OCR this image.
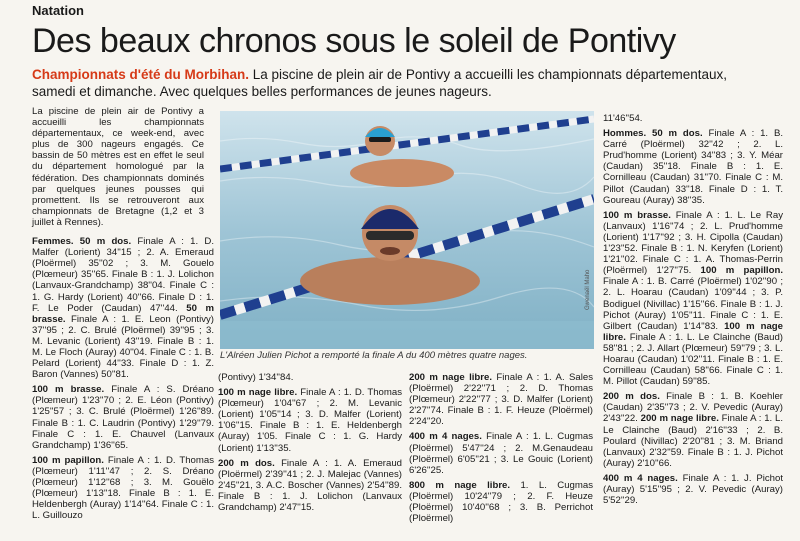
Natation
Des beaux chronos sous le soleil de Pontivy
Championnats d'été du Morbihan. La piscine de plein air de Pontivy a accueilli les championnats départementaux, samedi et dimanche. Avec quelques belles performances de jeunes nageurs.

La piscine de plein air de Pontivy a accueilli les championnats départementaux, ce week-end, avec plus de 300 nageurs engagés. Ce bassin de 50 mètres est en effet le seul du département homologué par la fédération. Des championnats dominés par quelques jeunes pousses qui promettent. Ils se retrouveront aux championnats de Bretagne (1,2 et 3 juillet à Rennes).

Femmes. 50 m dos. Finale A : 1. D. Malfer (Lorient) 34''15 ; 2. A. Emeraud (Ploërmel) 35''02 ; 3. M. Gouelo (Plœmeur) 35''65. Finale B : 1. J. Lolichon (Lanvaux-Grandchamp) 38''04. Finale C : 1. G. Hardy (Lorient) 40''66. Finale D : 1. F. Le Poder (Caudan) 47''44. 50 m brasse. Finale A : 1. E. Leon (Pontivy) 37''95 ; 2. C. Brulé (Ploërmel) 39''95 ; 3. M. Levanic (Lorient) 43''19. Finale B : 1. M. Le Floch (Auray) 40''04. Finale C : 1. B. Pelard (Lorient) 44''33. Finale D : 1. Z. Baron (Vannes) 50''81.

100 m brasse. Finale A : S. Dréano (Plœmeur) 1'23''70 ; 2. E. Léon (Pontivy) 1'25''57 ; 3. C. Brulé (Ploërmel) 1'26''89. Finale B : 1. C. Laudrin (Pontivy) 1'29''79. Finale C : 1. E. Chauvel (Lanvaux Grandchamp) 1'36''65.

100 m papillon. Finale A : 1. D. Thomas (Plœmeur) 1'11''47 ; 2. S. Dréano (Plœmeur) 1'12''68 ; 3. M. Gouëlo (Plœmeur) 1'13''18. Finale B : 1. E. Heldenbergh (Auray) 1'14''64. Finale C : 1. L. Guillouzo

Gwenaël Maho
L'Alréen Julien Pichot a remporté la finale A du 400 mètres quatre nages.

(Pontivy) 1'34''84.

100 m nage libre. Finale A : 1. D. Thomas (Plœmeur) 1'04''67 ; 2. M. Levanic (Lorient) 1'05''14 ; 3. D. Malfer (Lorient) 1'06''15. Finale B : 1. E. Heldenbergh (Auray) 1'05. Finale C : 1. G. Hardy (Lorient) 1'13''35.

200 m dos. Finale A : 1. A. Emeraud (Ploërmel) 2'39''41 ; 2. J. Malejac (Vannes) 2'45''21, 3. A.C. Boscher (Vannes) 2'54''89. Finale B : 1. J. Lolichon (Lanvaux Grandchamp) 2'47''15.

200 m nage libre. Finale A : 1. A. Sales (Ploërmel) 2'22''71 ; 2. D. Thomas (Plœmeur) 2'22''77 ; 3. D. Malfer (Lorient) 2'27''74. Finale B : 1. F. Heuze (Ploërmel) 2'24''20.

400 m 4 nages. Finale A : 1. L. Cugmas (Ploërmel) 5'47''24 ; 2. M.Genaudeau (Ploërmel) 6'05''21 ; 3. Le Gouic (Lorient) 6'26''25.

800 m nage libre. 1. L. Cugmas (Ploërmel) 10'24''79 ; 2. F. Heuze (Ploërmel) 10'40''68 ; 3. B. Perrichot (Ploërmel)

11'46''54.

Hommes. 50 m dos. Finale A : 1. B. Carré (Ploërmel) 32''42 ; 2. L. Prud'homme (Lorient) 34''83 ; 3. Y. Méar (Caudan) 35''18. Finale B : 1. E. Cornilleau (Caudan) 31''70. Finale C : M. Pillot (Caudan) 33''18. Finale D : 1. T. Goureau (Auray) 38''35.

100 m brasse. Finale A : 1. L. Le Ray (Lanvaux) 1'16''74 ; 2. L. Prud'homme (Lorient) 1'17''92 ; 3. H. Cipolla (Caudan) 1'23''52. Finale B : 1. N. Keryfen (Lorient) 1'21''02. Finale C : 1. A. Thomas-Perrin (Ploërmel) 1'27''75. 100 m papillon. Finale A : 1. B. Carré (Ploërmel) 1'02''90 ; 2. L. Hoarau (Caudan) 1'09''44 ; 3. P. Bodiguel (Nivillac) 1'15''66. Finale B : 1. J. Pichot (Auray) 1'05''11. Finale C : 1. E. Gilbert (Caudan) 1'14''83. 100 m nage libre. Finale A : 1. L. Le Clainche (Baud) 58''81 ; 2. J. Allart (Plœmeur) 59''79 ; 3. L. Hoarau (Caudan) 1'02''11. Finale B : 1. E. Cornilleau (Caudan) 58''66. Finale C : 1. M. Pillot (Caudan) 59''85.

200 m dos. Finale B : 1. B. Koehler (Caudan) 2'35''73 ; 2. V. Pevedic (Auray) 2'43''22. 200 m nage libre. Finale A : 1. L. Le Clainche (Baud) 2'16''33 ; 2. B. Poulard (Nivillac) 2'20''81 ; 3. M. Briand (Lanvaux) 2'32''59. Finale B : 1. J. Pichot (Auray) 2'10''66.

400 m 4 nages. Finale A : 1. J. Pichot (Auray) 5'15''95 ; 2. V. Pevedic (Auray) 5'52''29.
